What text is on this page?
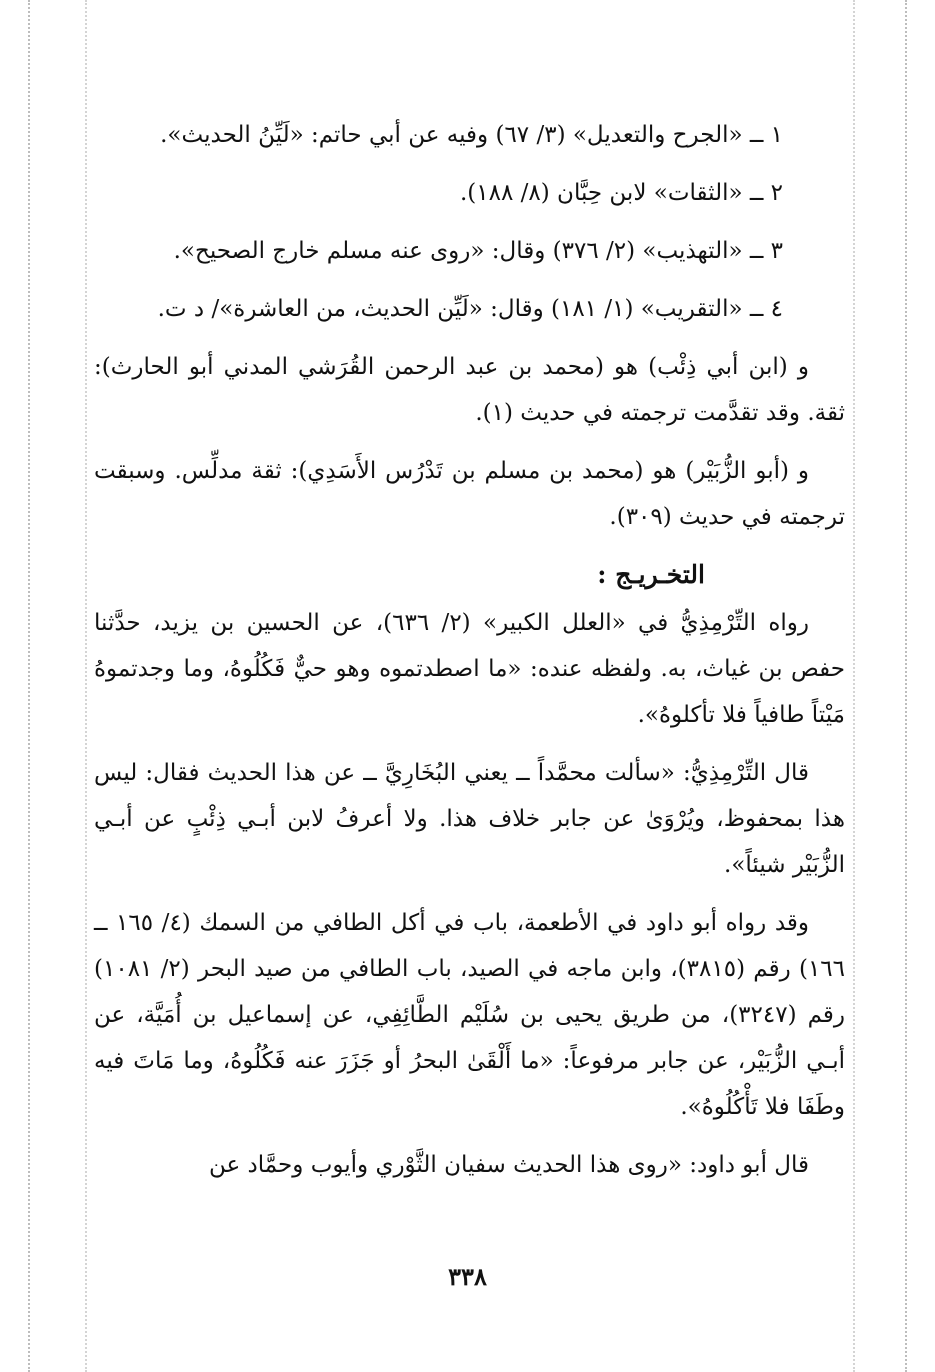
١ ــ «الجرح والتعديل» (٣/ ٦٧) وفيه عن أبي حاتم: «لَيِّنُ الحديث».

٢ ــ «الثقات» لابن حِبَّان (٨/ ١٨٨).

٣ ــ «التهذيب» (٢/ ٣٧٦) وقال: «روى عنه مسلم خارج الصحيح».

٤ ــ «التقريب» (١/ ١٨١) وقال: «لَيِّن الحديث، من العاشرة»/ د ت.

و (ابن أبي ذِئْب) هو (محمد بن عبد الرحمن القُرَشي المدني أبو الحارث): ثقة. وقد تقدَّمت ترجمته في حديث (١).

و (أبو الزُّبَيْر) هو (محمد بن مسلم بن تَدْرُس الأَسَدِي): ثقة مدلِّس. وسبقت ترجمته في حديث (٣٠٩).

التخـريـج :

رواه التِّرْمِذِيُّ في «العلل الكبير» (٢/ ٦٣٦)، عن الحسين بن يزيد، حدَّثنا حفص بن غياث، به. ولفظه عنده: «ما اصطدتموه وهو حيٌّ فَكُلُوهُ، وما وجدتموهُ مَيْتاً طافياً فلا تأكلوهُ».

قال التِّرْمِذِيُّ: «سألت محمَّداً ــ يعني البُخَارِيَّ ــ عن هذا الحديث فقال: ليس هذا بمحفوظ، ويُرْوَىٰ عن جابر خلاف هذا. ولا أعرفُ لابن أبـي ذِئْبٍ عن أبـي الزُّبَيْر شيئاً».

وقد رواه أبو داود في الأطعمة، باب في أكل الطافي من السمك (٤/ ١٦٥ ــ ١٦٦) رقم (٣٨١٥)، وابن ماجه في الصيد، باب الطافي من صيد البحر (٢/ ١٠٨١) رقم (٣٢٤٧)، من طريق يحيى بن سُلَيْم الطَّائِفِي، عن إسماعيل بن أُمَيَّة، عن أبـي الزُّبَيْر، عن جابر مرفوعاً: «ما أَلْقَىٰ البحرُ أو جَزَرَ عنه فَكُلُوهُ، وما مَاتَ فيه وطَفَا فلا تَأْكُلُوهُ».

قال أبو داود: «روى هذا الحديث سفيان الثَّوْري وأيوب وحمَّاد عن

٣٣٨
